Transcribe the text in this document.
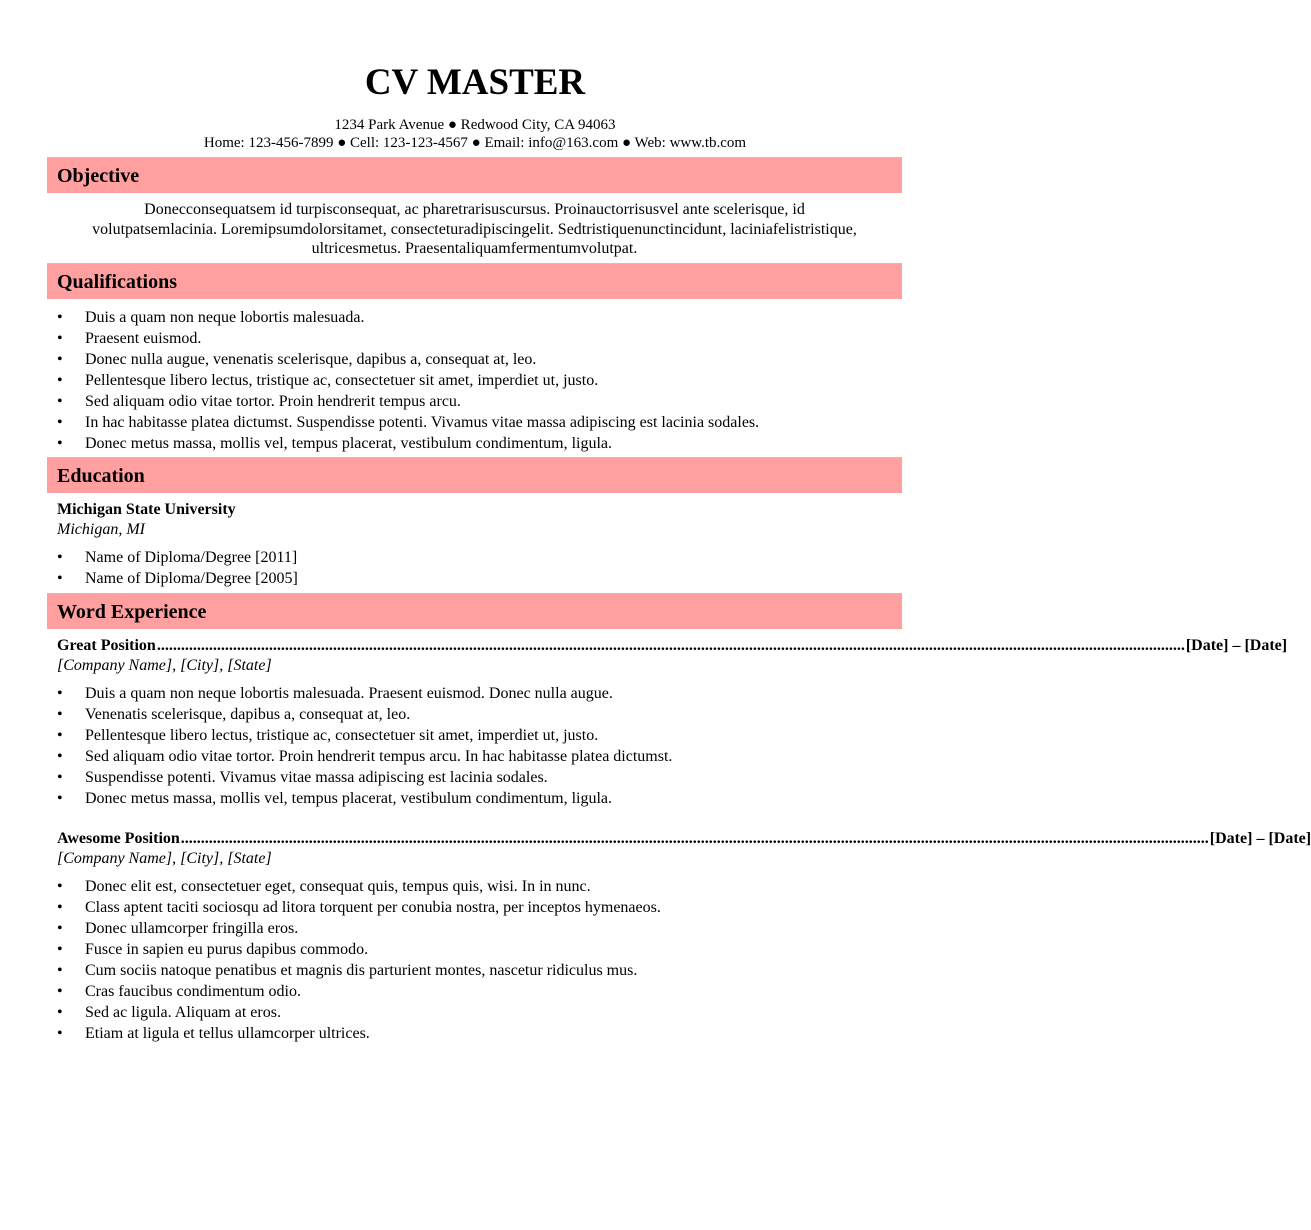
CV MASTER
1234 Park Avenue ● Redwood City, CA 94063
Home: 123-456-7899 ● Cell: 123-123-4567 ● Email: info@163.com ● Web: www.tb.com
Objective
Donecconsequatsem id turpisconsequat, ac pharetrarisuscursus. Proinauctorrisusvel ante scelerisque, id
volutpatsemlacinia. Loremipsumdolorsitamet, consecteturadipiscingelit. Sedtristiquenunctincidunt, laciniafelistristique,
ultricesmetus. Praesentaliquamfermentumvolutpat.
Qualifications
• Duis a quam non neque lobortis malesuada.
• Praesent euismod.
• Donec nulla augue, venenatis scelerisque, dapibus a, consequat at, leo.
• Pellentesque libero lectus, tristique ac, consectetuer sit amet, imperdiet ut, justo.
• Sed aliquam odio vitae tortor. Proin hendrerit tempus arcu.
• In hac habitasse platea dictumst. Suspendisse potenti. Vivamus vitae massa adipiscing est lacinia sodales.
• Donec metus massa, mollis vel, tempus placerat, vestibulum condimentum, ligula.
Education
Michigan State University
Michigan, MI
• Name of Diploma/Degree [2011]
• Name of Diploma/Degree [2005]
Word Experience
Great Position ................................................................................................................................................................................................................................................................. [Date] – [Date]
[Company Name], [City], [State]
• Duis a quam non neque lobortis malesuada. Praesent euismod. Donec nulla augue.
• Venenatis scelerisque, dapibus a, consequat at, leo.
• Pellentesque libero lectus, tristique ac, consectetuer sit amet, imperdiet ut, justo.
• Sed aliquam odio vitae tortor. Proin hendrerit tempus arcu. In hac habitasse platea dictumst.
• Suspendisse potenti. Vivamus vitae massa adipiscing est lacinia sodales.
• Donec metus massa, mollis vel, tempus placerat, vestibulum condimentum, ligula.
Awesome Position ................................................................................................................................................................................................................................................................. [Date] – [Date]
[Company Name], [City], [State]
• Donec elit est, consectetuer eget, consequat quis, tempus quis, wisi. In in nunc.
• Class aptent taciti sociosqu ad litora torquent per conubia nostra, per inceptos hymenaeos.
• Donec ullamcorper fringilla eros.
• Fusce in sapien eu purus dapibus commodo.
• Cum sociis natoque penatibus et magnis dis parturient montes, nascetur ridiculus mus.
• Cras faucibus condimentum odio.
• Sed ac ligula. Aliquam at eros.
• Etiam at ligula et tellus ullamcorper ultrices.
